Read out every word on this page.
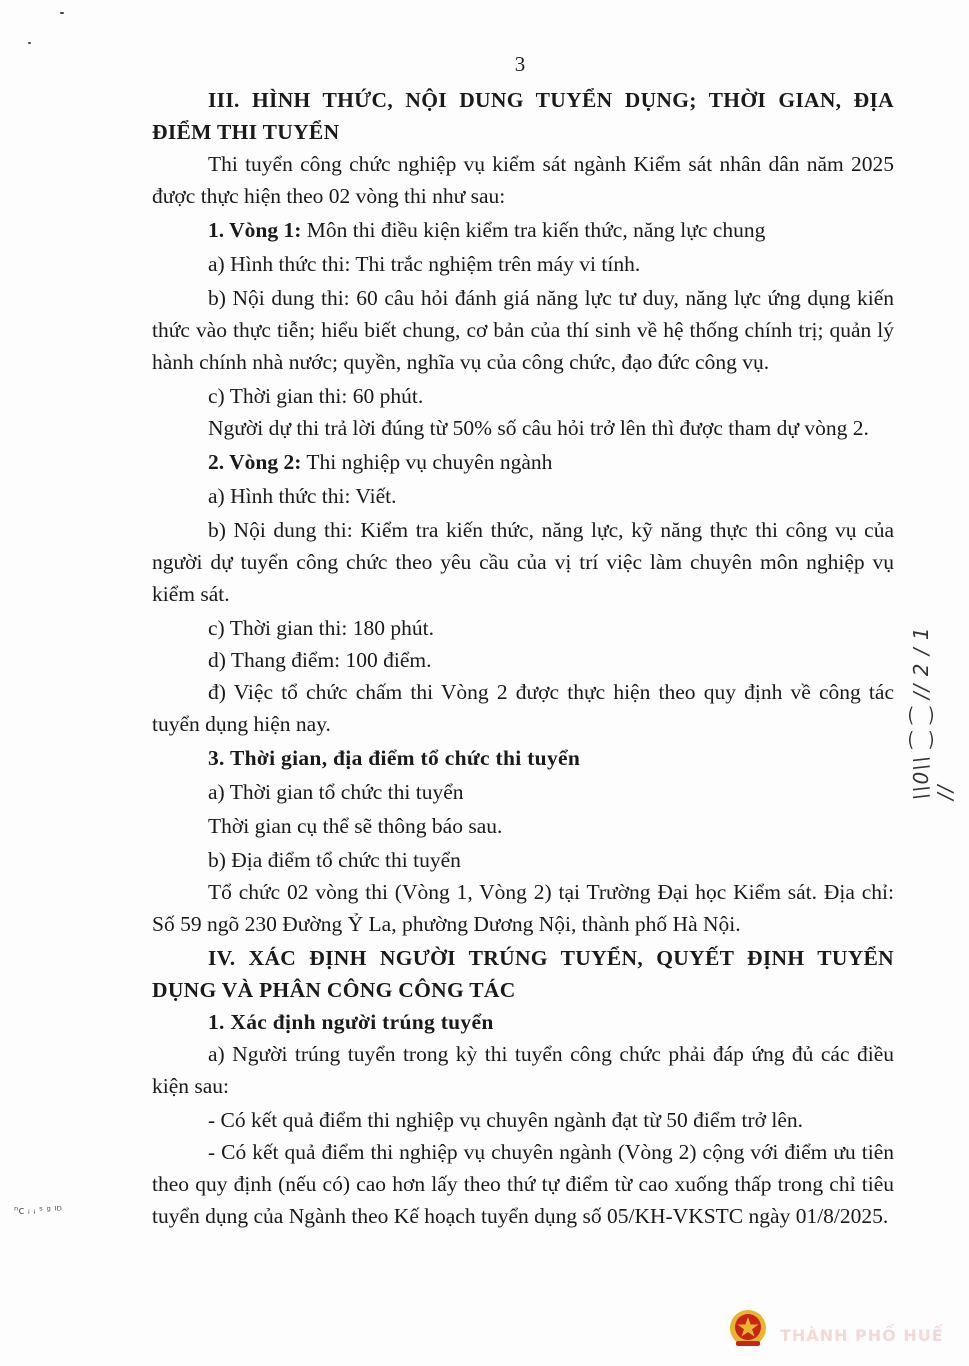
3

III. HÌNH THỨC, NỘI DUNG TUYỂN DỤNG; THỜI GIAN, ĐỊA ĐIỂM THI TUYỂN

Thi tuyển công chức nghiệp vụ kiểm sát ngành Kiểm sát nhân dân năm 2025 được thực hiện theo 02 vòng thi như sau:

1. Vòng 1: Môn thi điều kiện kiểm tra kiến thức, năng lực chung

a) Hình thức thi: Thi trắc nghiệm trên máy vi tính.

b) Nội dung thi: 60 câu hỏi đánh giá năng lực tư duy, năng lực ứng dụng kiến thức vào thực tiễn; hiểu biết chung, cơ bản của thí sinh về hệ thống chính trị; quản lý hành chính nhà nước; quyền, nghĩa vụ của công chức, đạo đức công vụ.

c) Thời gian thi: 60 phút.

Người dự thi trả lời đúng từ 50% số câu hỏi trở lên thì được tham dự vòng 2.

2. Vòng 2: Thi nghiệp vụ chuyên ngành

a) Hình thức thi: Viết.

b) Nội dung thi: Kiểm tra kiến thức, năng lực, kỹ năng thực thi công vụ của người dự tuyển công chức theo yêu cầu của vị trí việc làm chuyên môn nghiệp vụ kiểm sát.

c) Thời gian thi: 180 phút.

d) Thang điểm: 100 điểm.

đ) Việc tổ chức chấm thi Vòng 2 được thực hiện theo quy định về công tác tuyển dụng hiện nay.

3. Thời gian, địa điểm tổ chức thi tuyển

a) Thời gian tổ chức thi tuyển

Thời gian cụ thể sẽ thông báo sau.

b) Địa điểm tổ chức thi tuyển

Tổ chức 02 vòng thi (Vòng 1, Vòng 2) tại Trường Đại học Kiểm sát. Địa chỉ: Số 59 ngõ 230 Đường Ỷ La, phường Dương Nội, thành phố Hà Nội.

IV. XÁC ĐỊNH NGƯỜI TRÚNG TUYỂN, QUYẾT ĐỊNH TUYỂN DỤNG VÀ PHÂN CÔNG CÔNG TÁC

1. Xác định người trúng tuyển

a) Người trúng tuyển trong kỳ thi tuyển công chức phải đáp ứng đủ các điều kiện sau:

- Có kết quả điểm thi nghiệp vụ chuyên ngành đạt từ 50 điểm trở lên.

- Có kết quả điểm thi nghiệp vụ chuyên ngành (Vòng 2) cộng với điểm ưu tiên theo quy định (nếu có) cao hơn lấy theo thứ tự điểm từ cao xuống thấp trong chỉ tiêu tuyển dụng của Ngành theo Kế hoạch tuyển dụng số 05/KH-VKSTC ngày 01/8/2025.

\\0\\ ⁐ ⁐ // 2 / 1 //
ⁿᴄ ᵢ ᵢ ˢ ᵍ ᴵᴰ
THÀNH PHỐ HUẾ
